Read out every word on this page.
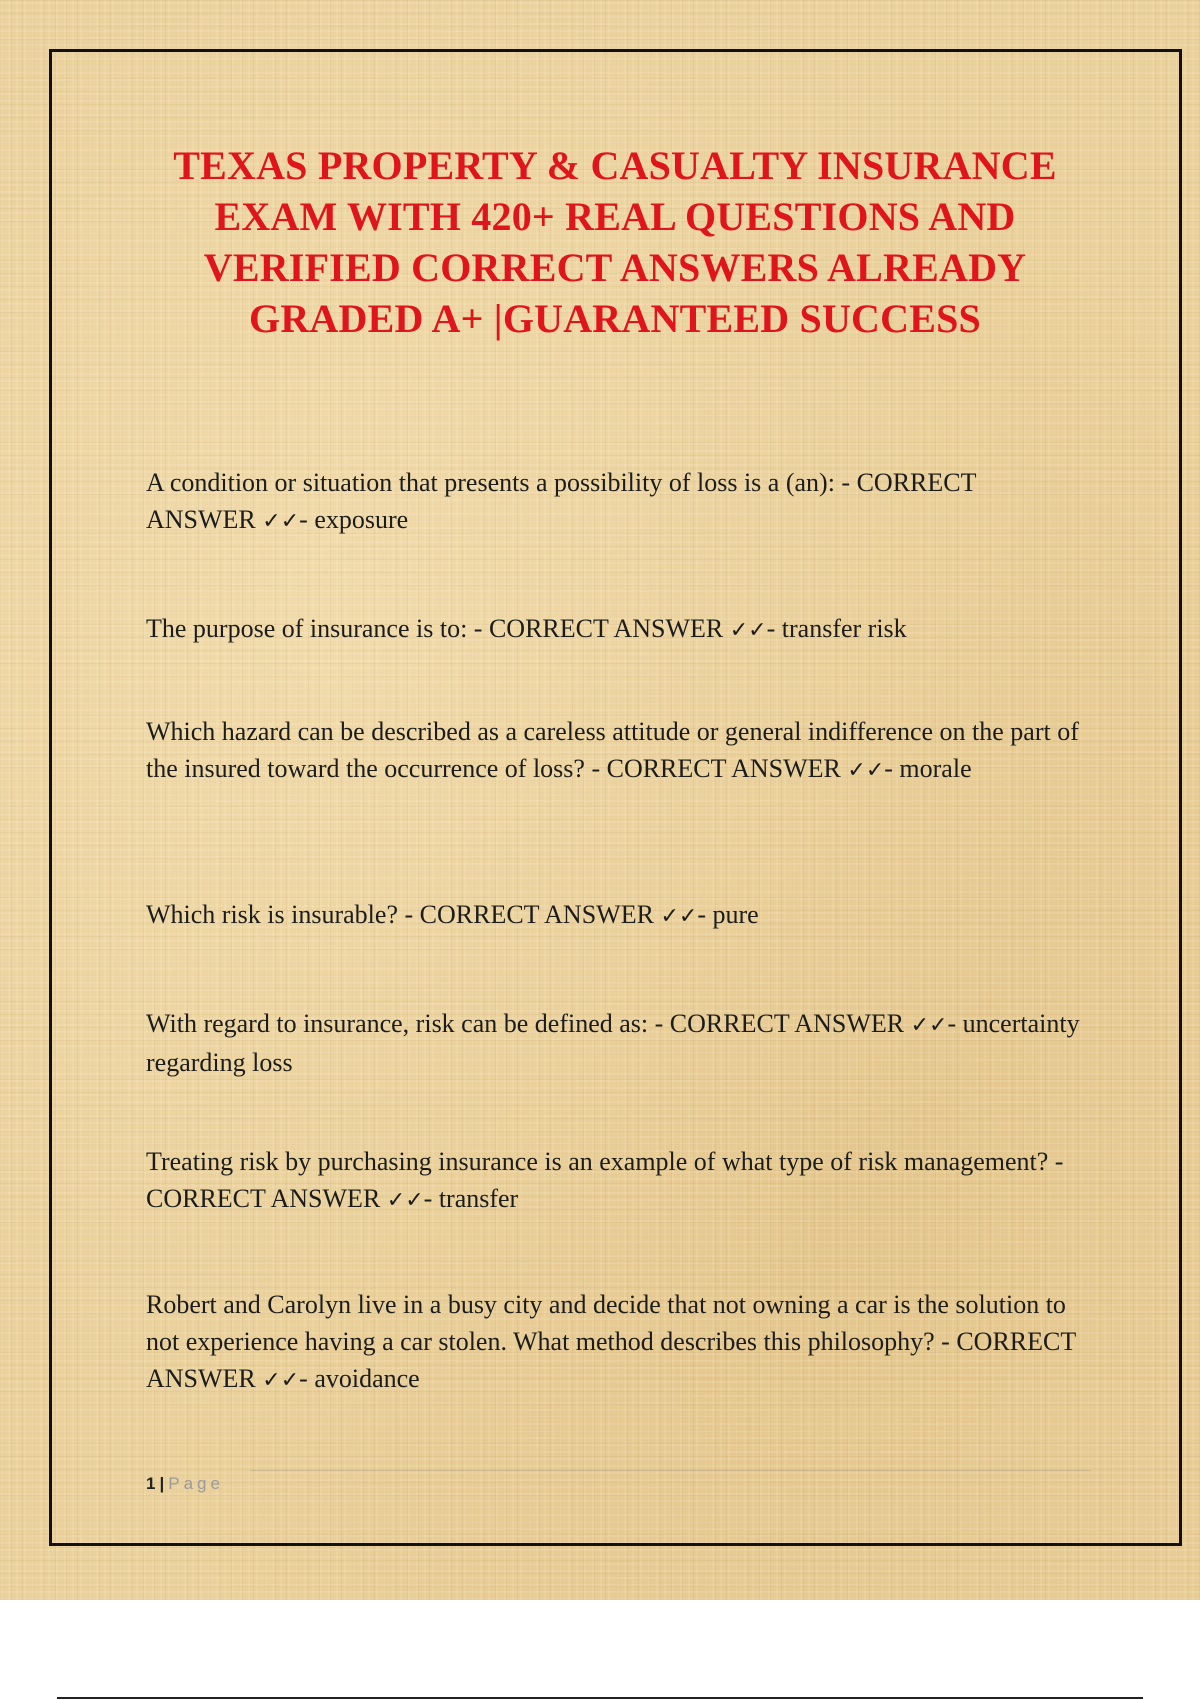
TEXAS PROPERTY & CASUALTY INSURANCE
EXAM WITH 420+ REAL QUESTIONS AND
VERIFIED CORRECT ANSWERS ALREADY
GRADED A+ |GUARANTEED SUCCESS
A condition or situation that presents a possibility of loss is a (an): - CORRECT ANSWER ✓✓- exposure
The purpose of insurance is to: - CORRECT ANSWER ✓✓- transfer risk
Which hazard can be described as a careless attitude or general indifference on the part of the insured toward the occurrence of loss? - CORRECT ANSWER ✓✓- morale
Which risk is insurable? - CORRECT ANSWER ✓✓- pure
With regard to insurance, risk can be defined as: - CORRECT ANSWER ✓✓- uncertainty regarding loss
Treating risk by purchasing insurance is an example of what type of risk management? - CORRECT ANSWER ✓✓- transfer
Robert and Carolyn live in a busy city and decide that not owning a car is the solution to not experience having a car stolen. What method describes this philosophy? - CORRECT ANSWER ✓✓- avoidance
1 | Page
